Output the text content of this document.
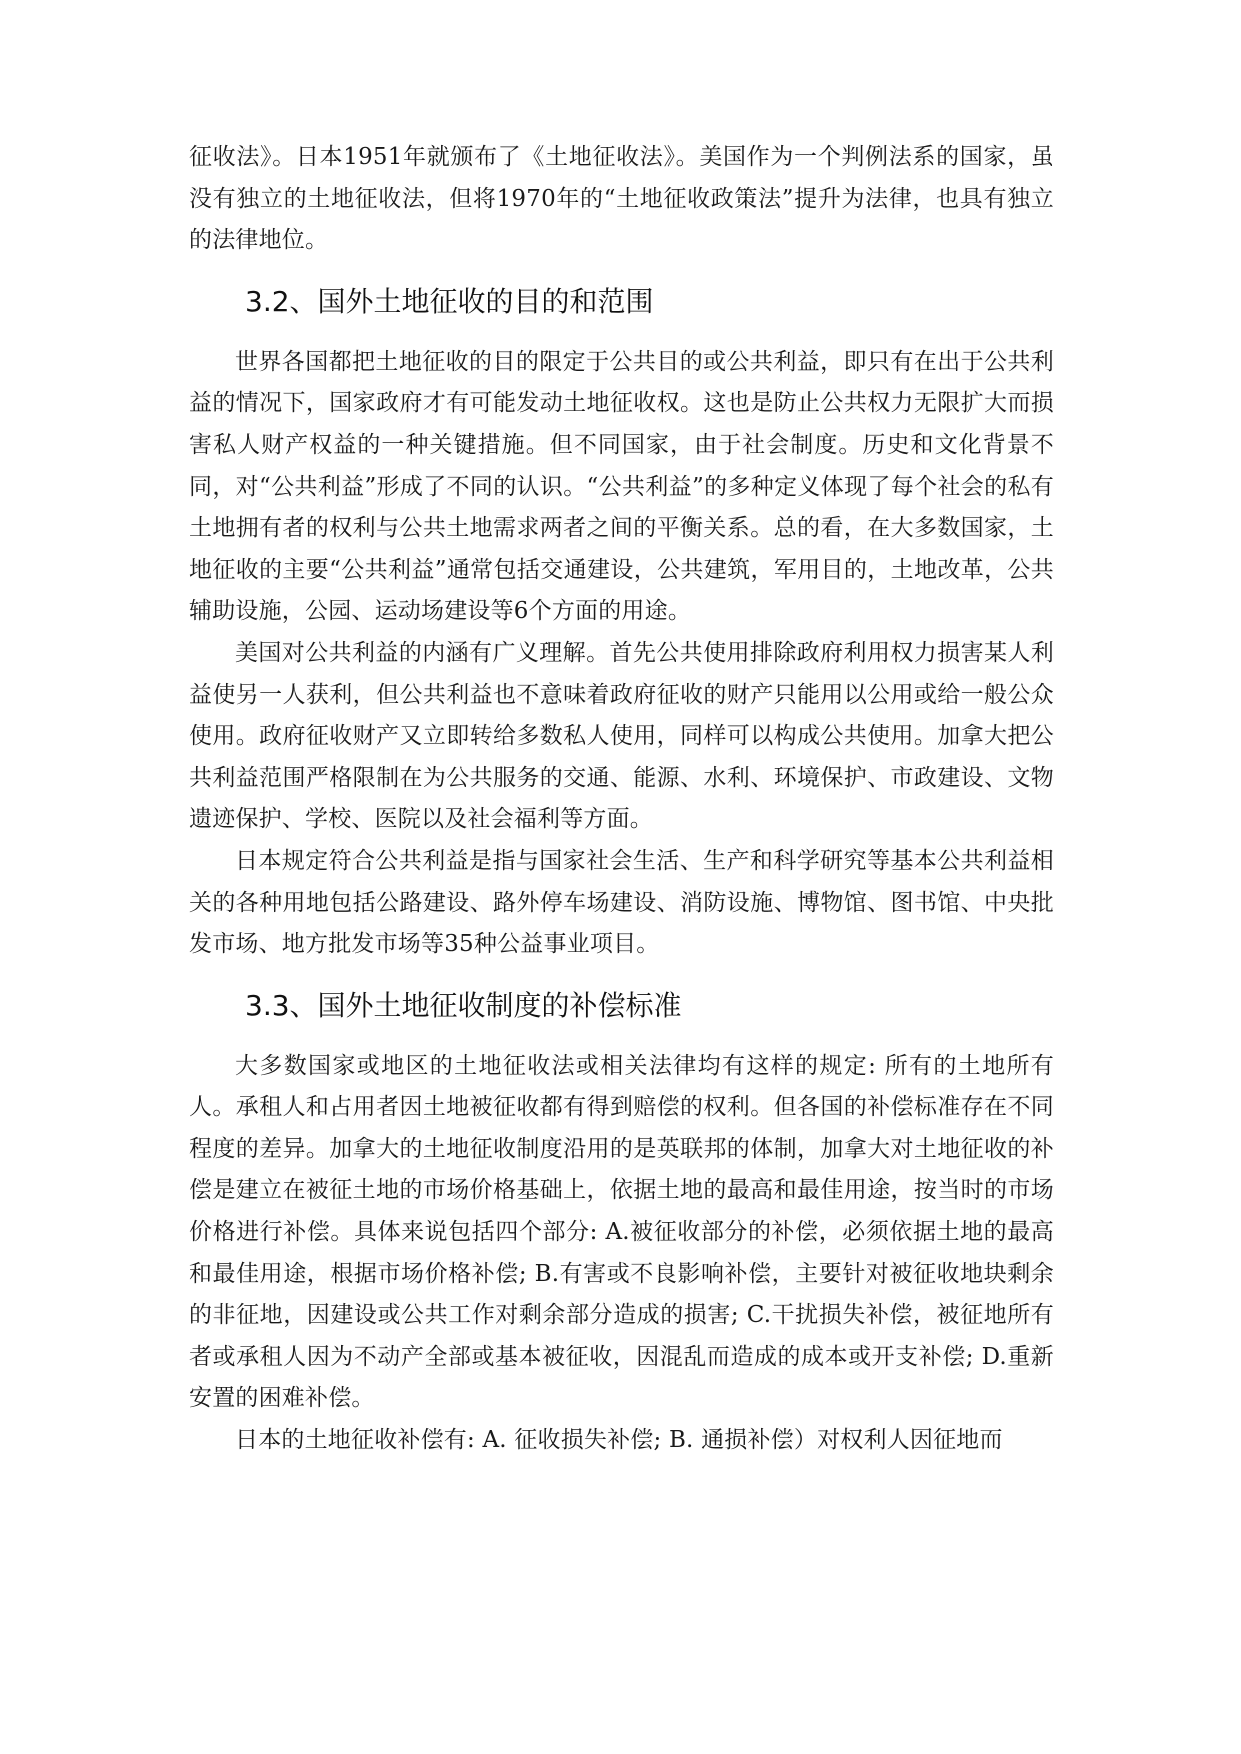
征收法》。日本1951年就颁布了《土地征收法》。美国作为一个判例法系的国家，虽没有独立的土地征收法，但将1970年的“土地征收政策法”提升为法律，也具有独立的法律地位。

3.2、国外土地征收的目的和范围

世界各国都把土地征收的目的限定于公共目的或公共利益，即只有在出于公共利益的情况下，国家政府才有可能发动土地征收权。这也是防止公共权力无限扩大而损害私人财产权益的一种关键措施。但不同国家，由于社会制度。历史和文化背景不同，对“公共利益”形成了不同的认识。“公共利益”的多种定义体现了每个社会的私有土地拥有者的权利与公共土地需求两者之间的平衡关系。总的看，在大多数国家，土地征收的主要“公共利益”通常包括交通建设，公共建筑，军用目的，土地改革，公共辅助设施，公园、运动场建设等6个方面的用途。

美国对公共利益的内涵有广义理解。首先公共使用排除政府利用权力损害某人利益使另一人获利，但公共利益也不意味着政府征收的财产只能用以公用或给一般公众使用。政府征收财产又立即转给多数私人使用，同样可以构成公共使用。加拿大把公共利益范围严格限制在为公共服务的交通、能源、水利、环境保护、市政建设、文物遗迹保护、学校、医院以及社会福利等方面。

日本规定符合公共利益是指与国家社会生活、生产和科学研究等基本公共利益相关的各种用地包括公路建设、路外停车场建设、消防设施、博物馆、图书馆、中央批发市场、地方批发市场等35种公益事业项目。

3.3、国外土地征收制度的补偿标准

大多数国家或地区的土地征收法或相关法律均有这样的规定: 所有的土地所有人。承租人和占用者因土地被征收都有得到赔偿的权利。但各国的补偿标准存在不同程度的差异。加拿大的土地征收制度沿用的是英联邦的体制，加拿大对土地征收的补偿是建立在被征土地的市场价格基础上，依据土地的最高和最佳用途，按当时的市场价格进行补偿。具体来说包括四个部分: A.被征收部分的补偿，必须依据土地的最高和最佳用途，根据市场价格补偿; B.有害或不良影响补偿，主要针对被征收地块剩余的非征地，因建设或公共工作对剩余部分造成的损害; C.干扰损失补偿，被征地所有者或承租人因为不动产全部或基本被征收，因混乱而造成的成本或开支补偿; D.重新安置的困难补偿。

日本的土地征收补偿有: A. 征收损失补偿; B. 通损补偿）对权利人因征地而
